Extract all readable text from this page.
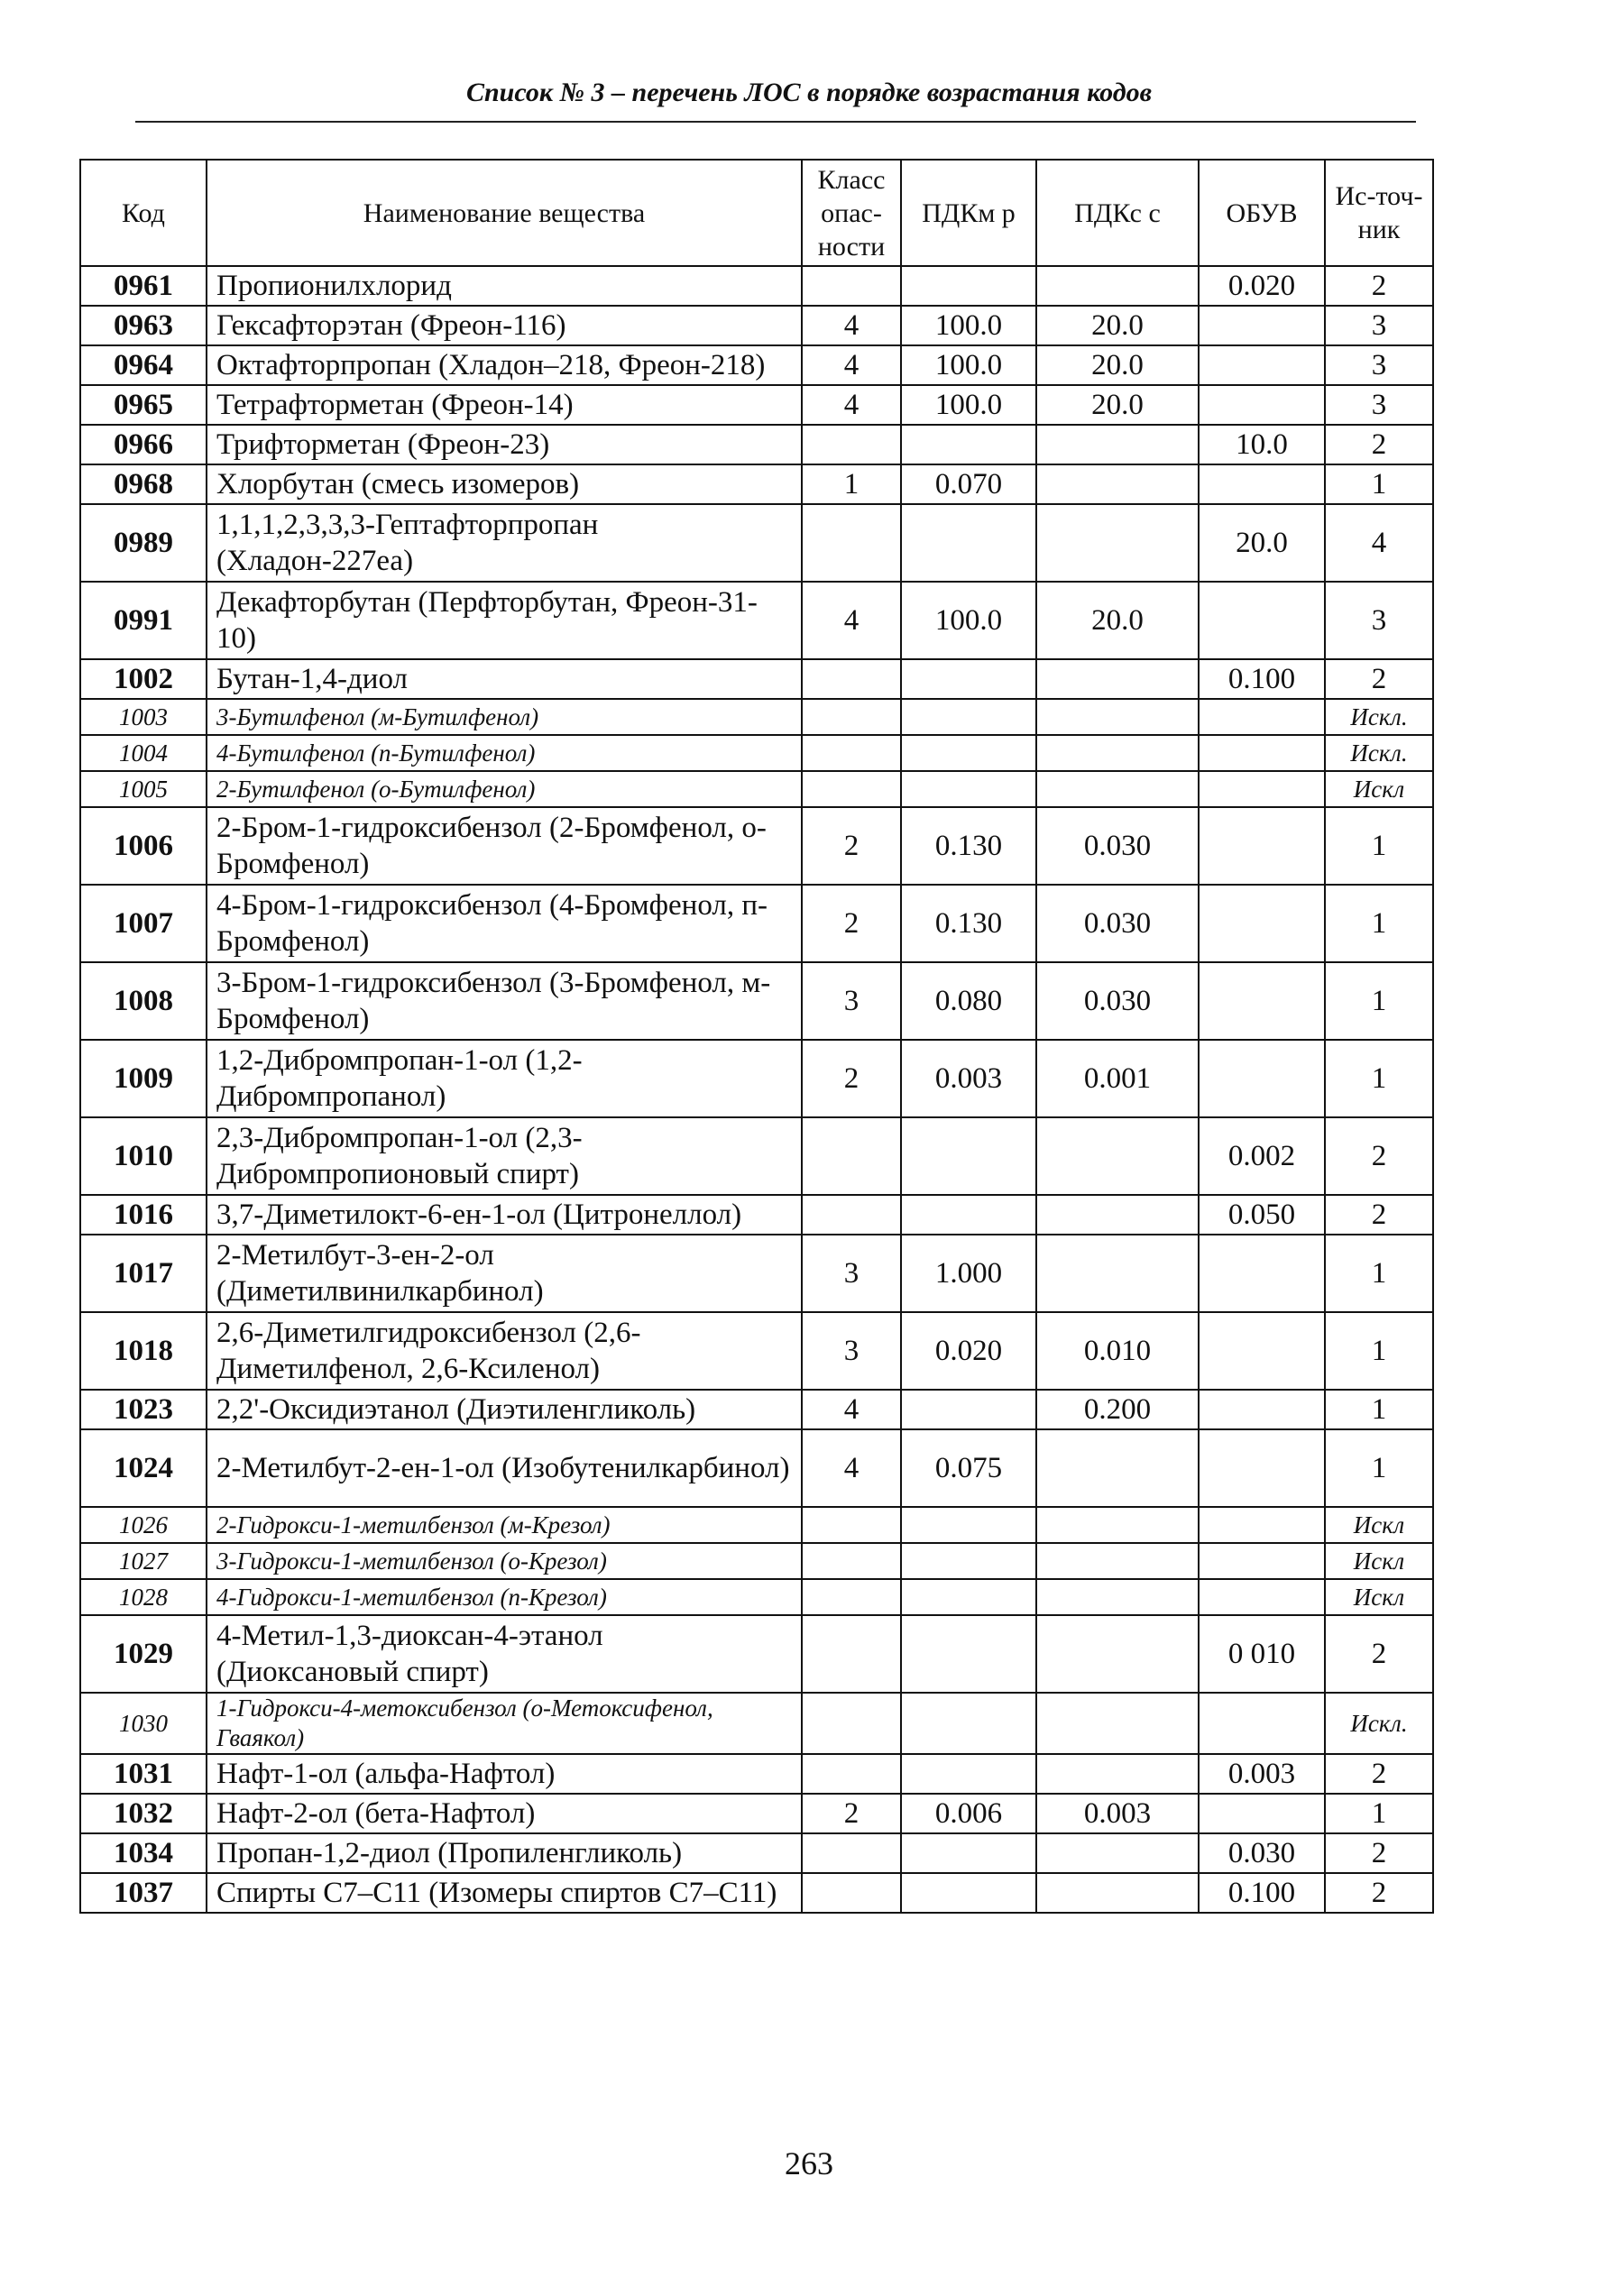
Список № 3 – перечень ЛОС в порядке возрастания кодов
Код	Наименование вещества	Класс опас-ности	ПДКм р	ПДКс с	ОБУВ	Ис-точ-ник
0961	Пропионилхлорид				0.020	2
0963	Гексафторэтан (Фреон-116)	4	100.0	20.0		3
0964	Октафторпропан (Хладон–218, Фреон-218)	4	100.0	20.0		3
0965	Тетрафторметан (Фреон-14)	4	100.0	20.0		3
0966	Трифторметан (Фреон-23)				10.0	2
0968	Хлорбутан (смесь изомеров)	1	0.070			1
0989	1,1,1,2,3,3,3-Гептафторпропан (Хладон-227еа)				20.0	4
0991	Декафторбутан (Перфторбутан, Фреон-31-10)	4	100.0	20.0		3
1002	Бутан-1,4-диол				0.100	2
1003	3-Бутилфенол (м-Бутилфенол)					Искл.
1004	4-Бутилфенол (п-Бутилфенол)					Искл.
1005	2-Бутилфенол (о-Бутилфенол)					Искл
1006	2-Бром-1-гидроксибензол (2-Бромфенол, о-Бромфенол)	2	0.130	0.030		1
1007	4-Бром-1-гидроксибензол (4-Бромфенол, п-Бромфенол)	2	0.130	0.030		1
1008	3-Бром-1-гидроксибензол (3-Бромфенол, м-Бромфенол)	3	0.080	0.030		1
1009	1,2-Дибромпропан-1-ол (1,2-Дибромпропанол)	2	0.003	0.001		1
1010	2,3-Дибромпропан-1-ол (2,3-Дибромпропионовый спирт)				0.002	2
1016	3,7-Диметилокт-6-ен-1-ол (Цитронеллол)				0.050	2
1017	2-Метилбут-3-ен-2-ол (Диметилвинилкарбинол)	3	1.000			1
1018	2,6-Диметилгидроксибензол (2,6-Диметилфенол, 2,6-Ксиленол)	3	0.020	0.010		1
1023	2,2'-Оксидиэтанол (Диэтиленгликоль)	4		0.200		1
1024	2-Метилбут-2-ен-1-ол (Изобутенилкарбинол)	4	0.075			1
1026	2-Гидрокси-1-метилбензол (м-Крезол)					Искл
1027	3-Гидрокси-1-метилбензол (о-Крезол)					Искл
1028	4-Гидрокси-1-метилбензол (п-Крезол)					Искл
1029	4-Метил-1,3-диоксан-4-этанол (Диоксановый спирт)				0 010	2
1030	1-Гидрокси-4-метоксибензол (о-Метоксифенол, Гваякол)					Искл.
1031	Нафт-1-ол (альфа-Нафтол)				0.003	2
1032	Нафт-2-ол (бета-Нафтол)	2	0.006	0.003		1
1034	Пропан-1,2-диол (Пропиленгликоль)				0.030	2
1037	Спирты C7–C11 (Изомеры спиртов C7–C11)				0.100	2
263
